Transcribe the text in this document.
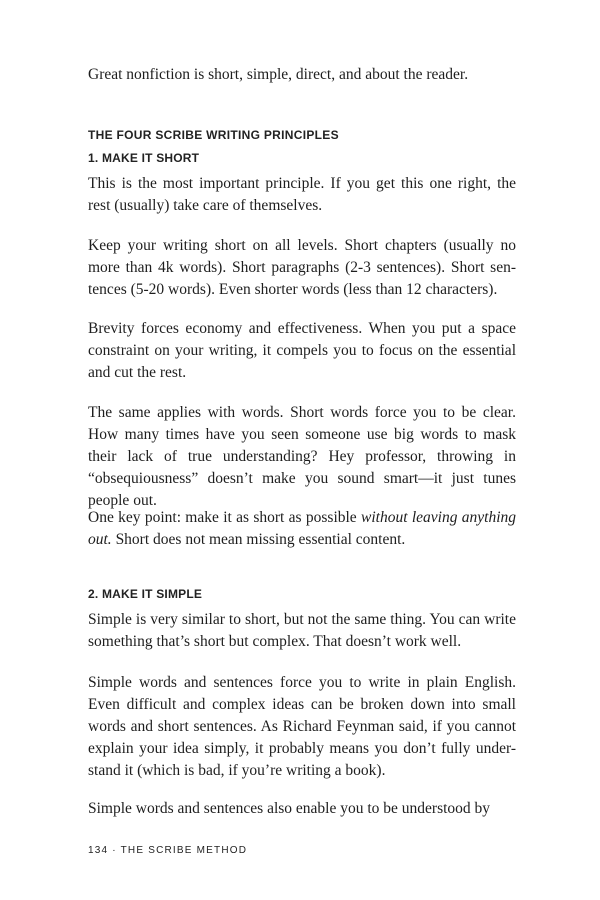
Great nonfiction is short, simple, direct, and about the reader.

THE FOUR SCRIBE WRITING PRINCIPLES
1. MAKE IT SHORT

This is the most important principle. If you get this one right, the rest (usually) take care of themselves.

Keep your writing short on all levels. Short chapters (usually no more than 4k words). Short paragraphs (2-3 sentences). Short sen-tences (5-20 words). Even shorter words (less than 12 characters).

Brevity forces economy and effectiveness. When you put a space constraint on your writing, it compels you to focus on the essential and cut the rest.

The same applies with words. Short words force you to be clear. How many times have you seen someone use big words to mask their lack of true understanding? Hey professor, throwing in “obsequiousness” doesn’t make you sound smart—it just tunes people out.

One key point: make it as short as possible without leaving anything out. Short does not mean missing essential content.

2. MAKE IT SIMPLE

Simple is very similar to short, but not the same thing. You can write something that’s short but complex. That doesn’t work well.

Simple words and sentences force you to write in plain English. Even difficult and complex ideas can be broken down into small words and short sentences. As Richard Feynman said, if you cannot explain your idea simply, it probably means you don’t fully under-stand it (which is bad, if you’re writing a book).

Simple words and sentences also enable you to be understood by

134 · THE SCRIBE METHOD
